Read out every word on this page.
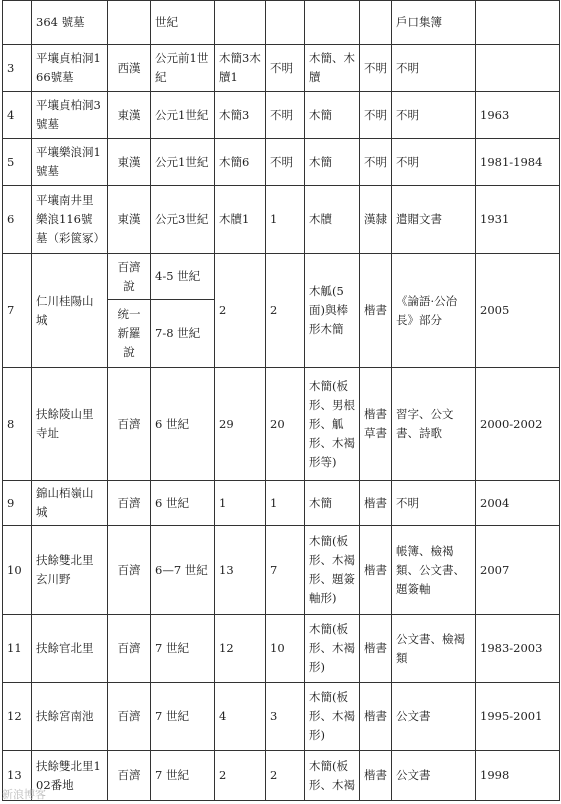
	364 號墓		世紀					戶口集簿	
3	平壤貞柏洞166號墓	西漢	公元前1世紀	木簡3木牘1	不明	木簡、木牘	不明	不明	
4	平壤貞柏洞3號墓	東漢	公元1世紀	木簡3	不明	木簡	不明	不明	1963
5	平壤樂浪洞1號墓	東漢	公元1世紀	木簡6	不明	木簡	不明	不明	1981-1984
6	平壤南井里樂浪116號墓（彩篋冢）	東漢	公元3世紀	木牘1	1	木牘	漢隸	遣賵文書	1931
7	仁川桂陽山城	百濟說	4-5 世紀	2	2	木觚(5面)與棒形木簡	楷書	《論語·公冶長》部分	2005
		统一新羅說	7-8 世紀						
8	扶餘陵山里寺址	百濟	6 世紀	29	20	木簡(板形、男根形、觚形、木褐形等)	楷書草書	習字、公文書、詩歌	2000-2002
9	錦山栢嶺山城	百濟	6 世紀	1	1	木簡	楷書	不明	2004
10	扶餘雙北里玄川野	百濟	6—7 世紀	13	7	木簡(板形、木褐形、題簽軸形)	楷書	帳簿、檢褐類、公文書、題簽軸	2007
11	扶餘官北里	百濟	7 世紀	12	10	木簡(板形、木褐形)	楷書	公文書、檢褐類	1983-2003
12	扶餘宮南池	百濟	7 世紀	4	3	木簡(板形、木褐形)	楷書	公文書	1995-2001
13	扶餘雙北里102番地	百濟	7 世紀	2	2	木簡(板形、木褐	楷書	公文書	1998
新浪博客
